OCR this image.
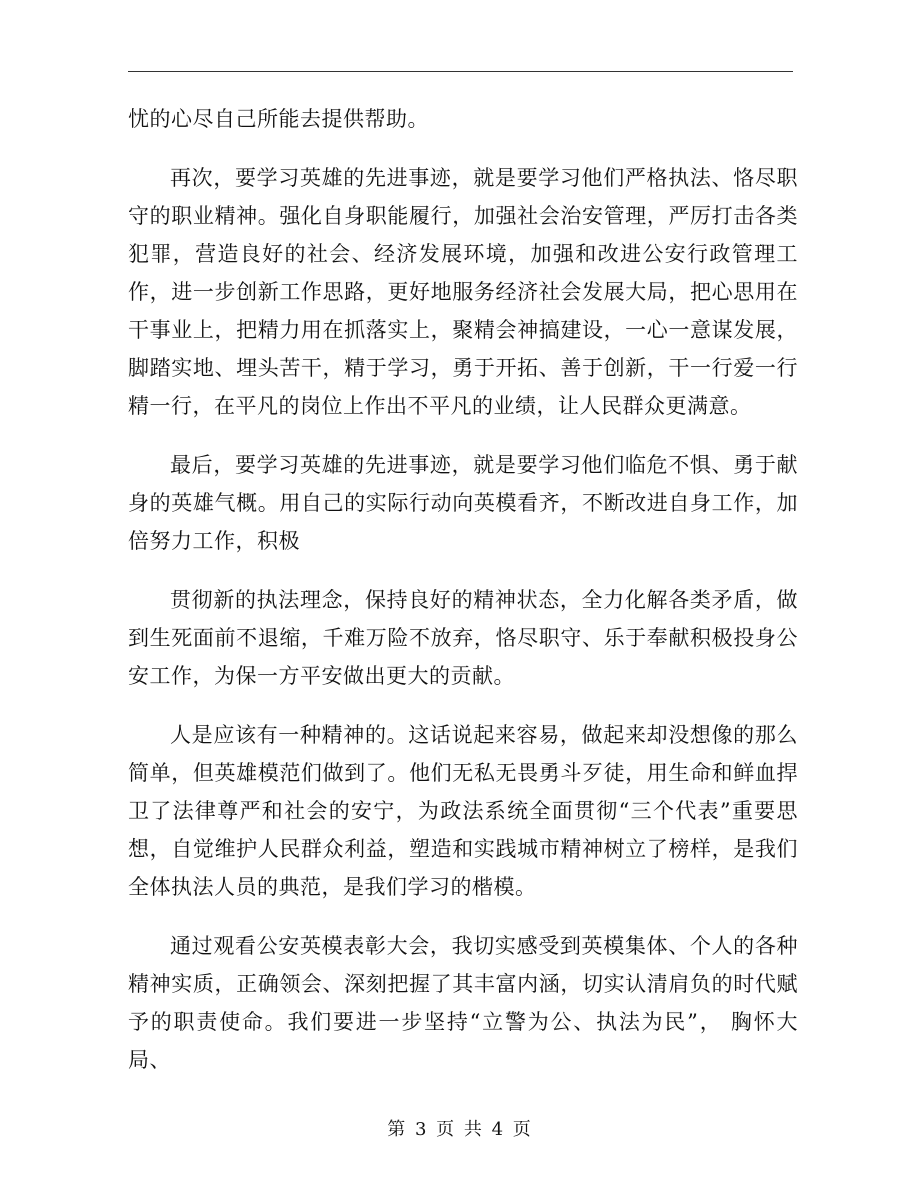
忧的心尽自己所能去提供帮助。

再次，要学习英雄的先进事迹，就是要学习他们严格执法、恪尽职守的职业精神。强化自身职能履行，加强社会治安管理，严厉打击各类犯罪，营造良好的社会、经济发展环境，加强和改进公安行政管理工作，进一步创新工作思路，更好地服务经济社会发展大局，把心思用在干事业上，把精力用在抓落实上，聚精会神搞建设，一心一意谋发展，脚踏实地、埋头苦干，精于学习，勇于开拓、善于创新，干一行爱一行精一行，在平凡的岗位上作出不平凡的业绩，让人民群众更满意。

最后，要学习英雄的先进事迹，就是要学习他们临危不惧、勇于献身的英雄气概。用自己的实际行动向英模看齐，不断改进自身工作，加倍努力工作，积极

贯彻新的执法理念，保持良好的精神状态，全力化解各类矛盾，做到生死面前不退缩，千难万险不放弃，恪尽职守、乐于奉献积极投身公安工作，为保一方平安做出更大的贡献。

人是应该有一种精神的。这话说起来容易，做起来却没想像的那么简单，但英雄模范们做到了。他们无私无畏勇斗歹徒，用生命和鲜血捍卫了法律尊严和社会的安宁，为政法系统全面贯彻“三个代表”重要思想，自觉维护人民群众利益，塑造和实践城市精神树立了榜样，是我们全体执法人员的典范，是我们学习的楷模。

通过观看公安英模表彰大会，我切实感受到英模集体、个人的各种精神实质，正确领会、深刻把握了其丰富内涵，切实认清肩负的时代赋予的职责使命。我们要进一步坚持“立警为公、执法为民”， 胸怀大局、

第 3 页 共 4 页
